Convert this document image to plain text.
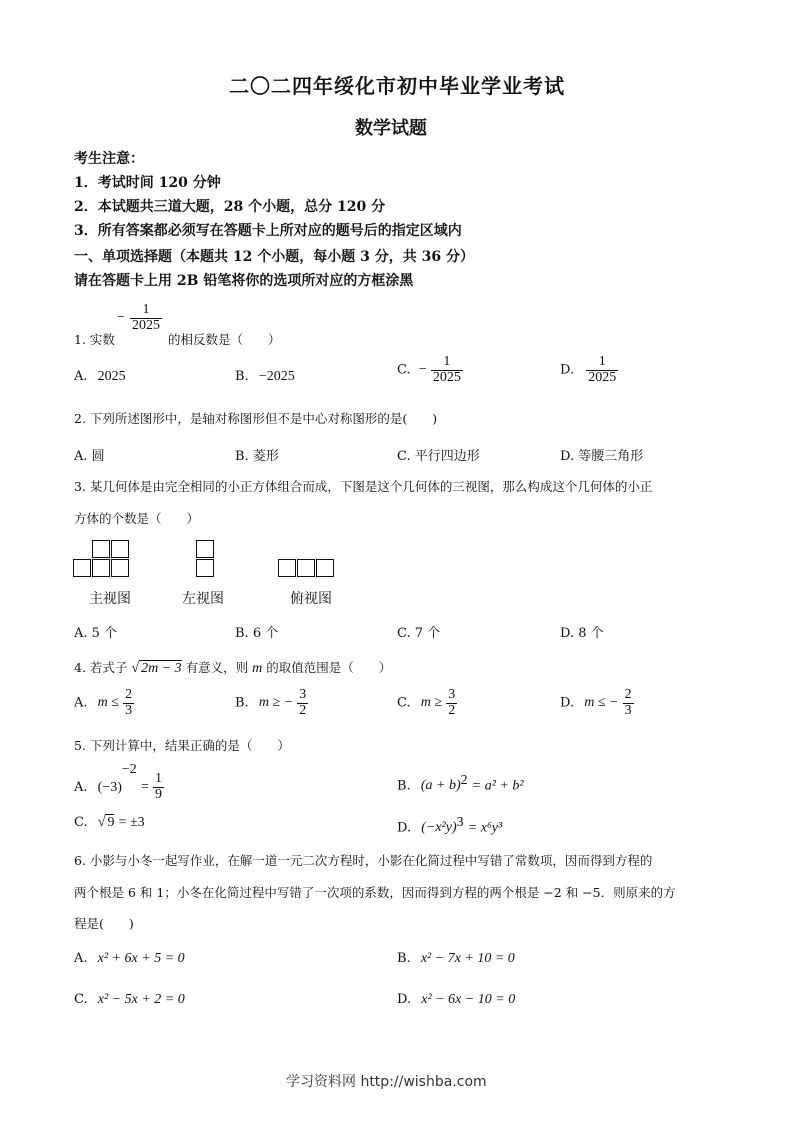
二〇二四年绥化市初中毕业学业考试
数学试题
考生注意：
1．考试时间 120 分钟
2．本试题共三道大题，28 个小题，总分 120 分
3．所有答案都必须写在答题卡上所对应的题号后的指定区域内
一、单项选择题（本题共 12 个小题，每小题 3 分，共 36 分）
请在答题卡上用 2B 铅笔将你的选项所对应的方框涂黑
1. 实数
− $\frac{1}{2025}$
的相反数是（　　）
A. 2025	B. −2025	C. − $\frac{1}{2025}$	D. $\frac{1}{2025}$
2. 下列所述图形中，是轴对称图形但不是中心对称图形的是(　　)
A. 圆	B. 菱形	C. 平行四边形	D. 等腰三角形
3. 某几何体是由完全相同的小正方体组合而成，下图是这个几何体的三视图，那么构成这个几何体的小正
方体的个数是（　　）
主视图	左视图	俯视图
A. 5 个	B. 6 个	C. 7 个	D. 8 个
4. 若式子 √ 2m − 3 有意义，则 m 的取值范围是（　　）
A. $m \le \frac{2}{3}$	B. m ≥ − $\frac{3}{2}$	C. $m \ge \frac{3}{2}$	D. m ≤ − $\frac{2}{3}$
5. 下列计算中，结果正确的是（　　）
A. $(-3)^{-2} = \frac{1}{9}$	B. $(a + b)^2 = a^2 + b^2$
C. √ 9 = ±3	D. $(-x^2y)^3 = x^6y^3$
6. 小影与小冬一起写作业，在解一道一元二次方程时，小影在化简过程中写错了常数项，因而得到方程的
两个根是 6 和 1；小冬在化简过程中写错了一次项的系数，因而得到方程的两个根是 −2 和 −5．则原来的方
程是(　　)
A. x² + 6x + 5 = 0	B. x² − 7x + 10 = 0
C. x² − 5x + 2 = 0	D. x² − 6x − 10 = 0
学习资料网 http://wishba.com
